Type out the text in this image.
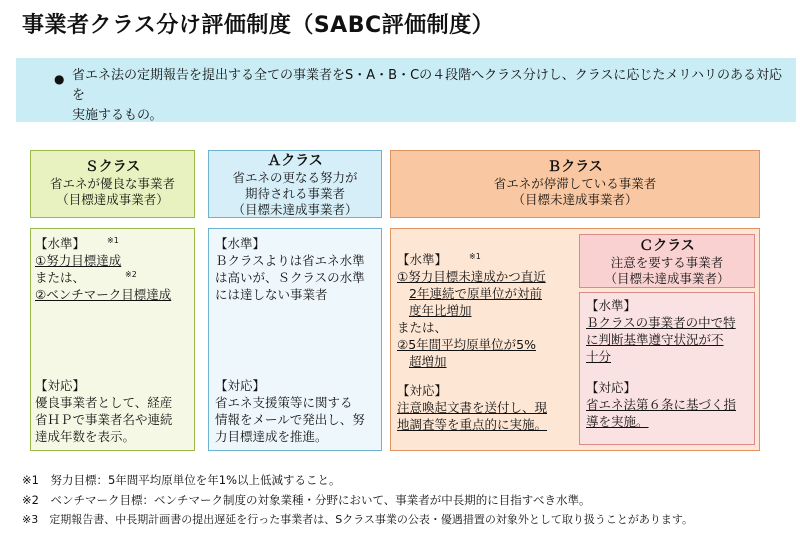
事業者クラス分け評価制度（SABC評価制度）
● 省エネ法の定期報告を提出する全ての事業者をS・A・B・Cの４段階へクラス分けし、クラスに応じたメリハリのある対応を
実施するもの。
Ｓクラス
省エネが優良な事業者
（目標達成事業者）
【水準】	$^{※1}$
①努力目標達成
または、	$^{※2}$
②ベンチマーク目標達成
【対応】
優良事業者として、経産
省ＨＰで事業者名や連続
達成年数を表示。
Ａクラス
省エネの更なる努力が
期待される事業者
（目標未達成事業者）
【水準】
Ｂクラスよりは省エネ水準
は高いが、Ｓクラスの水準
には達しない事業者
【対応】
省エネ支援策等に関する
情報をメールで発出し、努
力目標達成を推進。
Ｂクラス
省エネが停滞している事業者
（目標未達成事業者）
【水準】	$^{※1}$
①努力目標未達成かつ直近
2年連続で原単位が対前
度年比増加
または、
②5年間平均原単位が5%
超増加
【対応】
注意喚起文書を送付し、現
地調査等を重点的に実施。
Ｃクラス
注意を要する事業者
（目標未達成事業者）
【水準】
Ｂクラスの事業者の中で特
に判断基準遵守状況が不
十分
【対応】
省エネ法第６条に基づく指
導を実施。
※1　努力目標：5年間平均原単位を年1%以上低減すること。
※2　ベンチマーク目標：ベンチマーク制度の対象業種・分野において、事業者が中長期的に目指すべき水準。
※3　定期報告書、中長期計画書の提出遅延を行った事業者は、Sクラス事業の公表・優遇措置の対象外として取り扱うことがあります。
